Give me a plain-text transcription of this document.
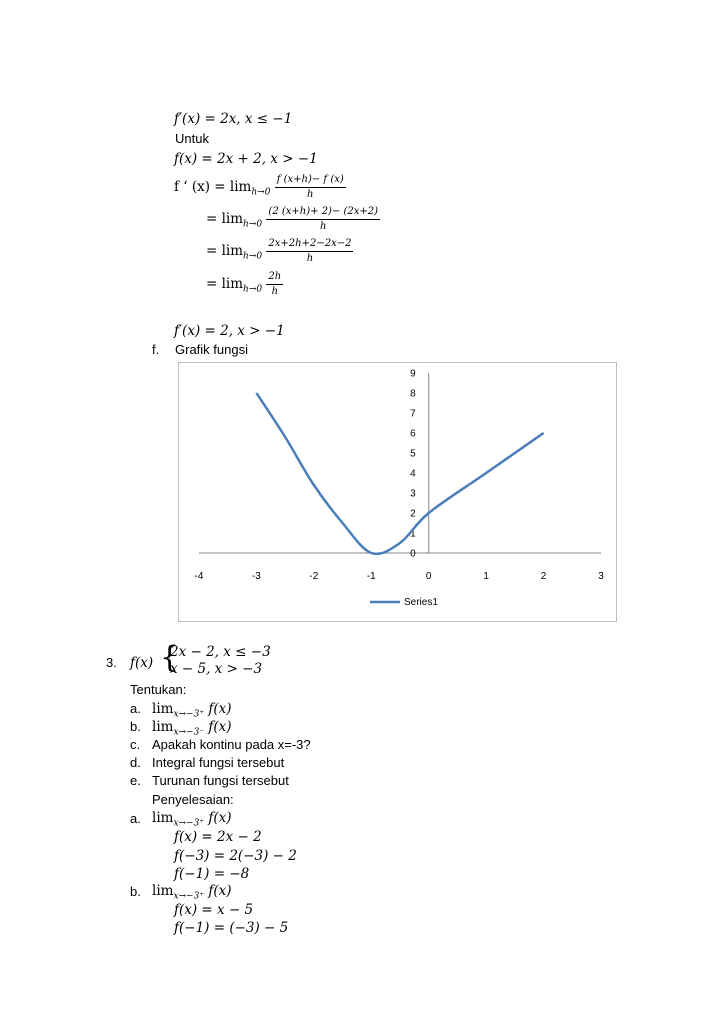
f′(x) = 2x, x ≤ −1
Untuk
f(x) = 2x + 2, x > −1
f ‘ $(x) = \lim_{h\to 0} \frac{f (x+h)- f (x)}{h}$
= $\lim_{h\to 0} \frac{(2 (x+h)+ 2)- (2x+2)}{h}$
= $\lim_{h\to 0} \frac{2x+2h+2-2x-2}{h}$
= $\lim_{h\to 0} \frac{2h}{h}$
f′(x) = 2, x > −1
f. Grafik fungsi
-4	-3	-2	-1	0	1	2	3
0
1
2
3
4
5
6
7
8
9
Series1
3. f(x) {
2x − 2, x ≤ −3
x − 5, x > −3
Tentukan:
a. $\lim_{x\to-3^+} f(x)$
b. $\lim_{x\to-3^-} f(x)$
c. Apakah kontinu pada x=-3?
d. Integral fungsi tersebut
e. Turunan fungsi tersebut
Penyelesaian:
a. $\lim_{x\to-3^+} f(x)$
f(x) = 2x − 2
f(−3) = 2(−3) − 2
f(−1) = −8
b. $\lim_{x\to-3^+} f(x)$
f(x) = x − 5
f(−1) = (−3) − 5
